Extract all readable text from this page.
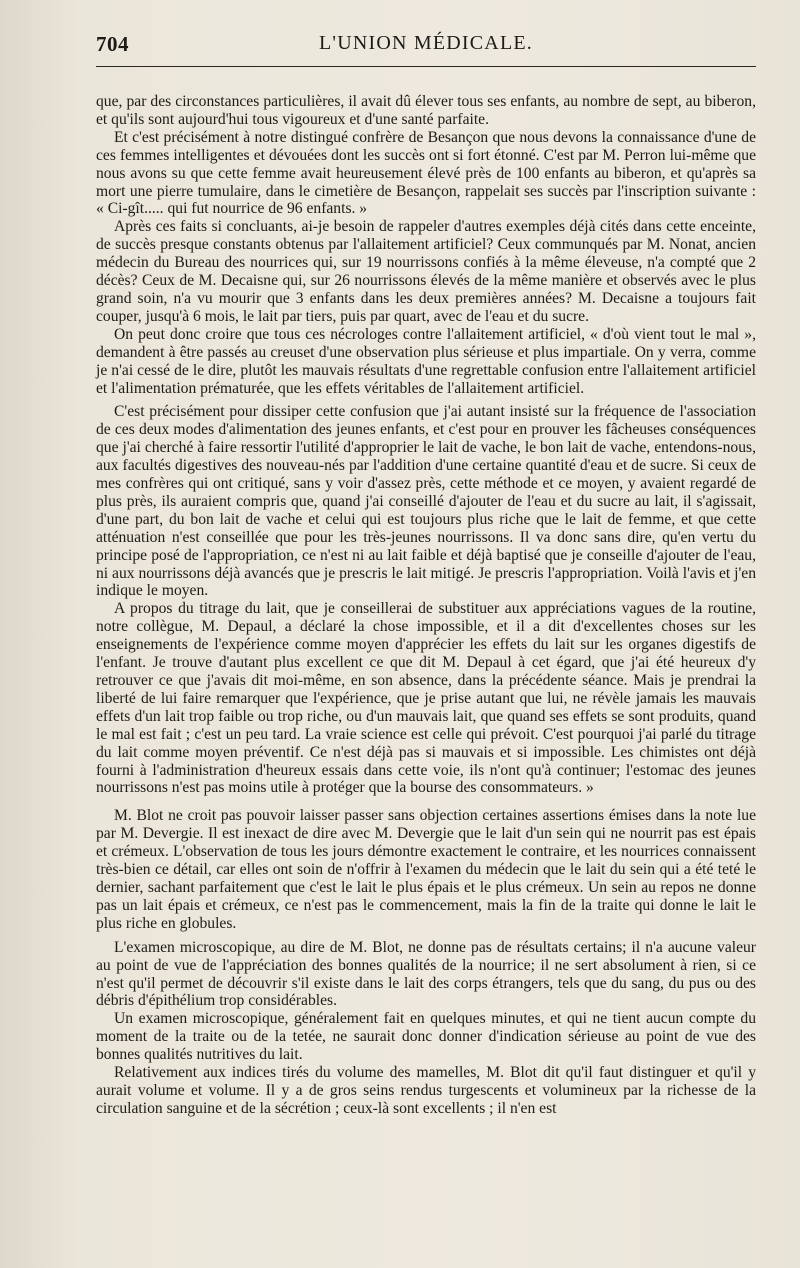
704	L'UNION MÉDICALE.

que, par des circonstances particulières, il avait dû élever tous ses enfants, au nombre de sept, au biberon, et qu'ils sont aujourd'hui tous vigoureux et d'une santé parfaite.

Et c'est précisément à notre distingué confrère de Besançon que nous devons la connaissance d'une de ces femmes intelligentes et dévouées dont les succès ont si fort étonné. C'est par M. Perron lui-même que nous avons su que cette femme avait heureusement élevé près de 100 enfants au biberon, et qu'après sa mort une pierre tumulaire, dans le cimetière de Besançon, rappelait ses succès par l'inscription suivante : « Ci-gît..... qui fut nourrice de 96 enfants. »

Après ces faits si concluants, ai-je besoin de rappeler d'autres exemples déjà cités dans cette enceinte, de succès presque constants obtenus par l'allaitement artificiel? Ceux communqués par M. Nonat, ancien médecin du Bureau des nourrices qui, sur 19 nourrissons confiés à la même éleveuse, n'a compté que 2 décès? Ceux de M. Decaisne qui, sur 26 nourrissons élevés de la même manière et observés avec le plus grand soin, n'a vu mourir que 3 enfants dans les deux premières années? M. Decaisne a toujours fait couper, jusqu'à 6 mois, le lait par tiers, puis par quart, avec de l'eau et du sucre.

On peut donc croire que tous ces nécrologes contre l'allaitement artificiel, « d'où vient tout le mal », demandent à être passés au creuset d'une observation plus sérieuse et plus impartiale. On y verra, comme je n'ai cessé de le dire, plutôt les mauvais résultats d'une regrettable confusion entre l'allaitement artificiel et l'alimentation prématurée, que les effets véritables de l'allaitement artificiel.

C'est précisément pour dissiper cette confusion que j'ai autant insisté sur la fréquence de l'association de ces deux modes d'alimentation des jeunes enfants, et c'est pour en prouver les fâcheuses conséquences que j'ai cherché à faire ressortir l'utilité d'approprier le lait de vache, le bon lait de vache, entendons-nous, aux facultés digestives des nouveau-nés par l'addition d'une certaine quantité d'eau et de sucre. Si ceux de mes confrères qui ont critiqué, sans y voir d'assez près, cette méthode et ce moyen, y avaient regardé de plus près, ils auraient compris que, quand j'ai conseillé d'ajouter de l'eau et du sucre au lait, il s'agissait, d'une part, du bon lait de vache et celui qui est toujours plus riche que le lait de femme, et que cette atténuation n'est conseillée que pour les très-jeunes nourrissons. Il va donc sans dire, qu'en vertu du principe posé de l'appropriation, ce n'est ni au lait faible et déjà baptisé que je conseille d'ajouter de l'eau, ni aux nourrissons déjà avancés que je prescris le lait mitigé. Je prescris l'appropriation. Voilà l'avis et j'en indique le moyen.

A propos du titrage du lait, que je conseillerai de substituer aux appréciations vagues de la routine, notre collègue, M. Depaul, a déclaré la chose impossible, et il a dit d'excellentes choses sur les enseignements de l'expérience comme moyen d'apprécier les effets du lait sur les organes digestifs de l'enfant. Je trouve d'autant plus excellent ce que dit M. Depaul à cet égard, que j'ai été heureux d'y retrouver ce que j'avais dit moi-même, en son absence, dans la précédente séance. Mais je prendrai la liberté de lui faire remarquer que l'expérience, que je prise autant que lui, ne révèle jamais les mauvais effets d'un lait trop faible ou trop riche, ou d'un mauvais lait, que quand ses effets se sont produits, quand le mal est fait ; c'est un peu tard. La vraie science est celle qui prévoit. C'est pourquoi j'ai parlé du titrage du lait comme moyen préventif. Ce n'est déjà pas si mauvais et si impossible. Les chimistes ont déjà fourni à l'administration d'heureux essais dans cette voie, ils n'ont qu'à continuer; l'estomac des jeunes nourrissons n'est pas moins utile à protéger que la bourse des consommateurs. »

M. Blot ne croit pas pouvoir laisser passer sans objection certaines assertions émises dans la note lue par M. Devergie. Il est inexact de dire avec M. Devergie que le lait d'un sein qui ne nourrit pas est épais et crémeux. L'observation de tous les jours démontre exactement le contraire, et les nourrices connaissent très-bien ce détail, car elles ont soin de n'offrir à l'examen du médecin que le lait du sein qui a été teté le dernier, sachant parfaitement que c'est le lait le plus épais et le plus crémeux. Un sein au repos ne donne pas un lait épais et crémeux, ce n'est pas le commencement, mais la fin de la traite qui donne le lait le plus riche en globules.

L'examen microscopique, au dire de M. Blot, ne donne pas de résultats certains; il n'a aucune valeur au point de vue de l'appréciation des bonnes qualités de la nourrice; il ne sert absolument à rien, si ce n'est qu'il permet de découvrir s'il existe dans le lait des corps étrangers, tels que du sang, du pus ou des débris d'épithélium trop considérables.

Un examen microscopique, généralement fait en quelques minutes, et qui ne tient aucun compte du moment de la traite ou de la tetée, ne saurait donc donner d'indication sérieuse au point de vue des bonnes qualités nutritives du lait.

Relativement aux indices tirés du volume des mamelles, M. Blot dit qu'il faut distinguer et qu'il y aurait volume et volume. Il y a de gros seins rendus turgescents et volumineux par la richesse de la circulation sanguine et de la sécrétion ; ceux-là sont excellents ; il n'en est
